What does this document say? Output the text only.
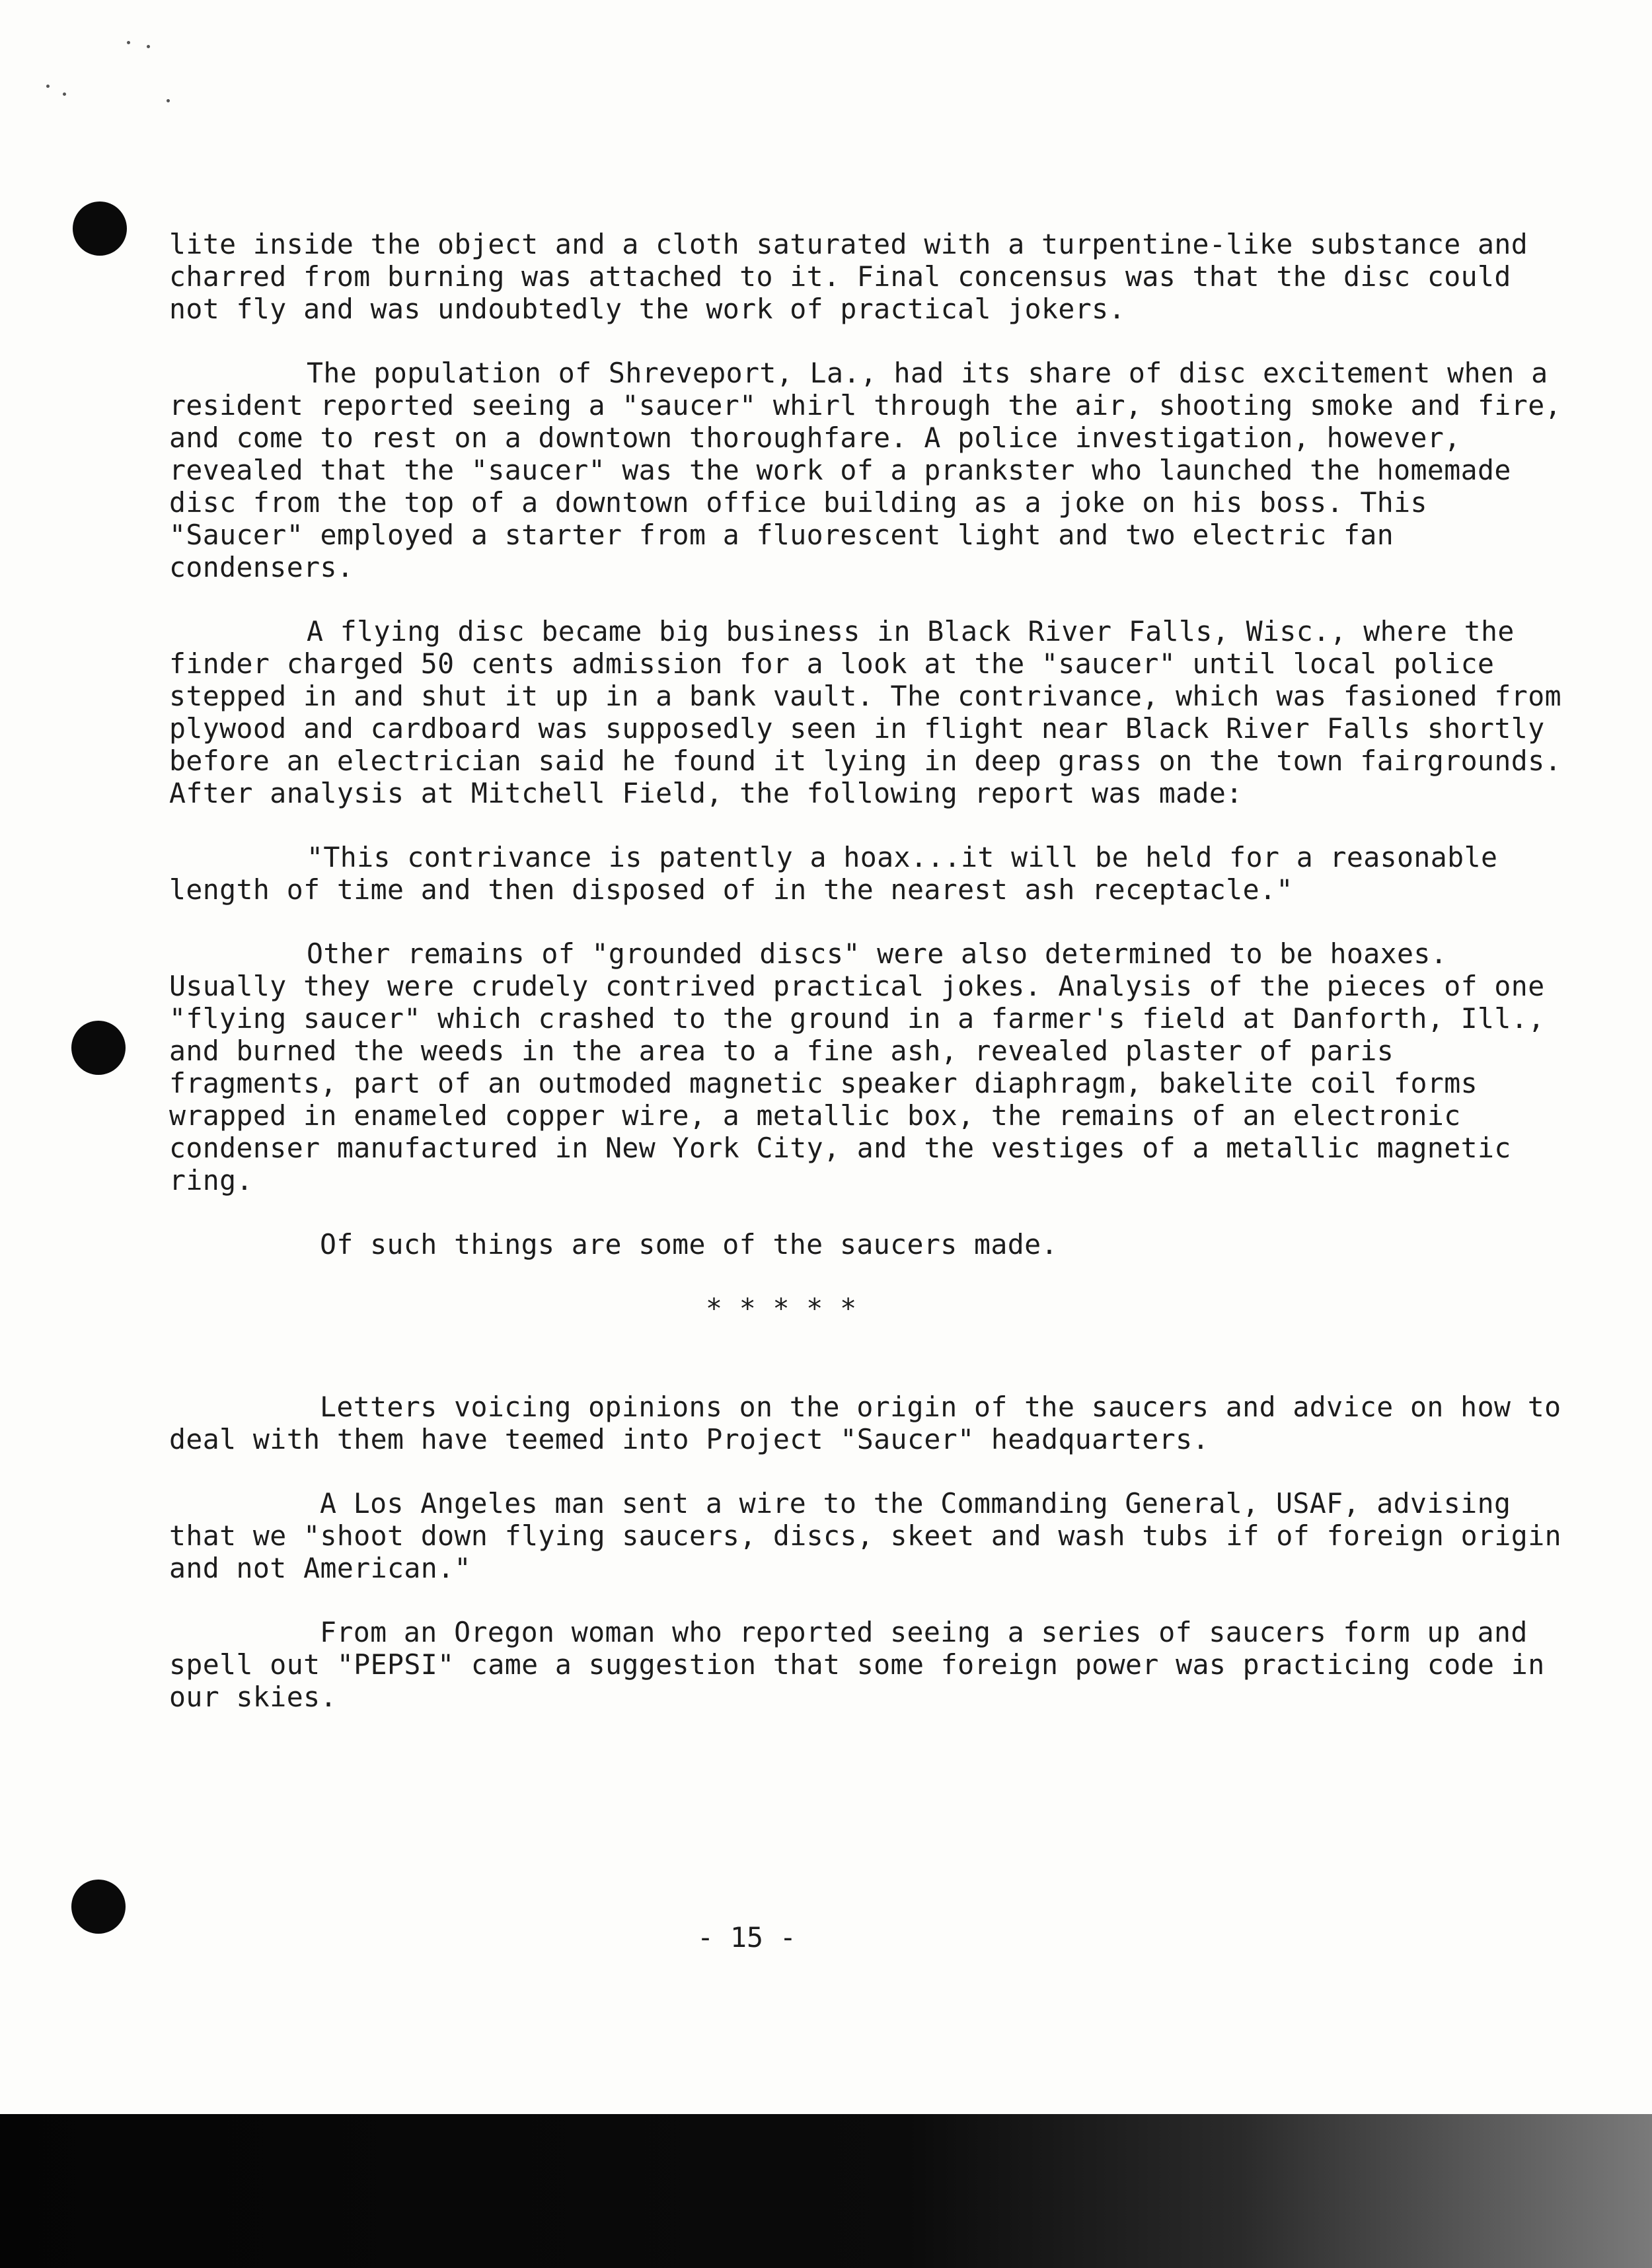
lite inside the object and a cloth saturated with a turpentine-like substance and charred from burning was attached to it. Final concensus was that the disc could not fly and was undoubtedly the work of practical jokers.

The population of Shreveport, La., had its share of disc excitement when a resident reported seeing a "saucer" whirl through the air, shooting smoke and fire, and come to rest on a downtown thoroughfare. A police investigation, however, revealed that the "saucer" was the work of a prankster who launched the homemade disc from the top of a downtown office building as a joke on his boss. This "Saucer" employed a starter from a fluorescent light and two electric fan condensers.

A flying disc became big business in Black River Falls, Wisc., where the finder charged 50 cents admission for a look at the "saucer" until local police stepped in and shut it up in a bank vault. The contrivance, which was fasioned from plywood and cardboard was supposedly seen in flight near Black River Falls shortly before an electrician said he found it lying in deep grass on the town fairgrounds. After analysis at Mitchell Field, the following report was made:

"This contrivance is patently a hoax...it will be held for a reasonable length of time and then disposed of in the nearest ash receptacle."

Other remains of "grounded discs" were also determined to be hoaxes. Usually they were crudely contrived practical jokes. Analysis of the pieces of one "flying saucer" which crashed to the ground in a farmer's field at Danforth, Ill., and burned the weeds in the area to a fine ash, revealed plaster of paris fragments, part of an outmoded magnetic speaker diaphragm, bakelite coil forms wrapped in enameled copper wire, a metallic box, the remains of an electronic condenser manufactured in New York City, and the vestiges of a metallic magnetic ring.

Of such things are some of the saucers made.

* * * * *

Letters voicing opinions on the origin of the saucers and advice on how to deal with them have teemed into Project "Saucer" headquarters.

A Los Angeles man sent a wire to the Commanding General, USAF, advising that we "shoot down flying saucers, discs, skeet and wash tubs if of foreign origin and not American."

From an Oregon woman who reported seeing a series of saucers form up and spell out "PEPSI" came a suggestion that some foreign power was practicing code in our skies.

- 15 -
